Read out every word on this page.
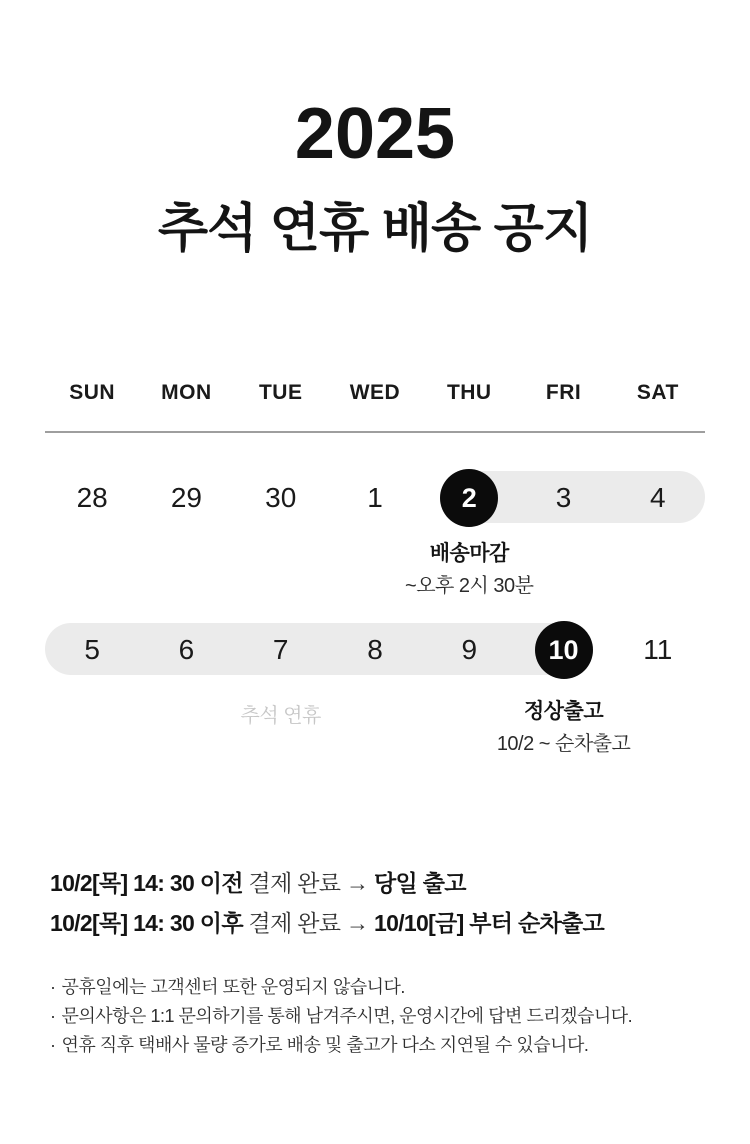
2025
추석 연휴 배송 공지
SUN MON TUE WED THU	FRI	SAT
28 29 30	1	2	3	4
배송마감
~오후 2시 30분
5	6	7	8	9	10 11
추석 연휴	정상출고
10/2 ~ 순차출고

10/2[목] 14: 30 이전 결제 완료 → 당일 출고

10/2[목] 14: 30 이후 결제 완료 → 10/10[금] 부터 순차출고

· 공휴일에는 고객센터 또한 운영되지 않습니다.
· 문의사항은 1:1 문의하기를 통해 남겨주시면, 운영시간에 답변 드리겠습니다.
· 연휴 직후 택배사 물량 증가로 배송 및 출고가 다소 지연될 수 있습니다.
